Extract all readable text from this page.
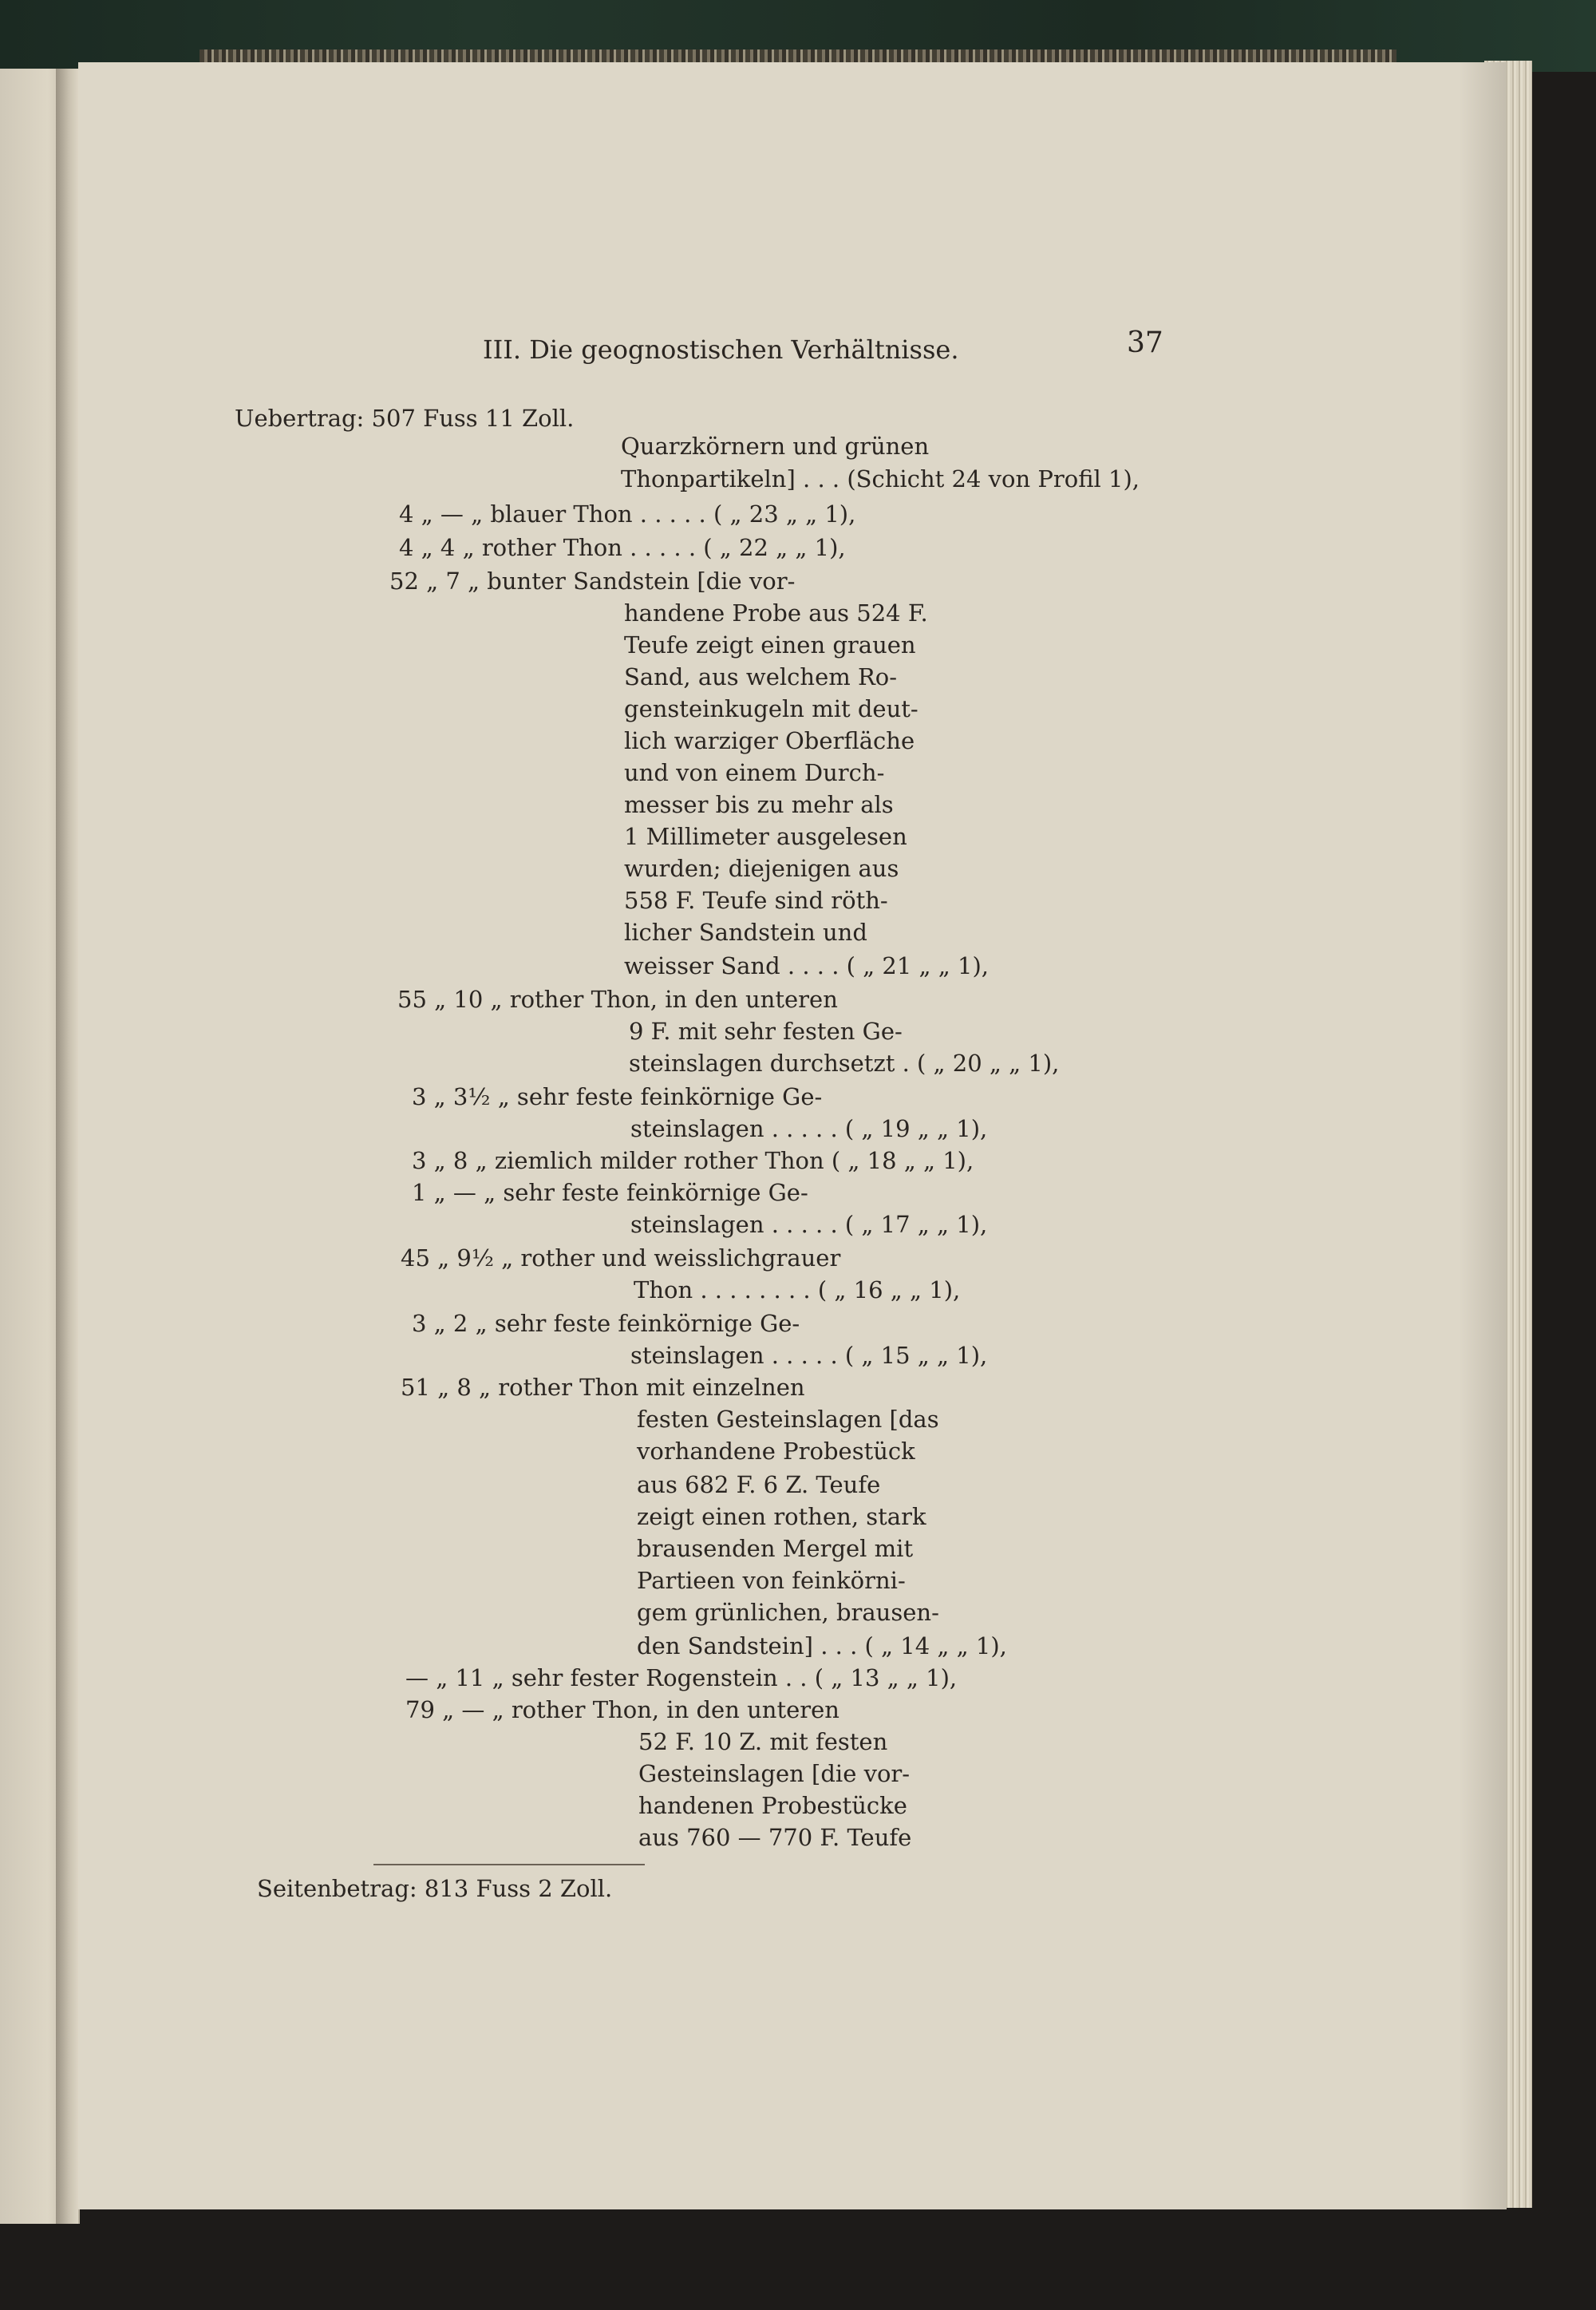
III. Die geognostischen Verhältnisse.	37
Uebertrag: 507 Fuss 11 Zoll.
Quarzkörnern und grünen
Thonpartikeln] . . . (Schicht 24 von Profil 1),
4 „ — „ blauer Thon . . . . . ( „ 23 „ „ 1),
4 „ 4 „ rother Thon . . . . . ( „ 22 „ „ 1),
52 „ 7 „ bunter Sandstein [die vor-
handene Probe aus 524 F.
Teufe zeigt einen grauen
Sand, aus welchem Ro-
gensteinkugeln mit deut-
lich warziger Oberfläche
und von einem Durch-
messer bis zu mehr als
1 Millimeter ausgelesen
wurden; diejenigen aus
558 F. Teufe sind röth-
licher Sandstein und
weisser Sand . . . . ( „ 21 „ „ 1),
55 „ 10 „ rother Thon, in den unteren
9 F. mit sehr festen Ge-
steinslagen durchsetzt . ( „ 20 „ „ 1),
3 „ 3½ „ sehr feste feinkörnige Ge-
steinslagen . . . . . ( „ 19 „ „ 1),
3 „ 8 „ ziemlich milder rother Thon ( „ 18 „ „ 1),
1 „ — „ sehr feste feinkörnige Ge-
steinslagen . . . . . ( „ 17 „ „ 1),
45 „ 9½ „ rother und weisslichgrauer
Thon . . . . . . . . ( „ 16 „ „ 1),
3 „ 2 „ sehr feste feinkörnige Ge-
steinslagen . . . . . ( „ 15 „ „ 1),
51 „ 8 „ rother Thon mit einzelnen
festen Gesteinslagen [das
vorhandene Probestück
aus 682 F. 6 Z. Teufe
zeigt einen rothen, stark
brausenden Mergel mit
Partieen von feinkörni-
gem grünlichen, brausen-
den Sandstein] . . . ( „ 14 „ „ 1),
— „ 11 „ sehr fester Rogenstein . . ( „ 13 „ „ 1),
79 „ — „ rother Thon, in den unteren
52 F. 10 Z. mit festen
Gesteinslagen [die vor-
handenen Probestücke
aus 760 — 770 F. Teufe
Seitenbetrag: 813 Fuss 2 Zoll.
